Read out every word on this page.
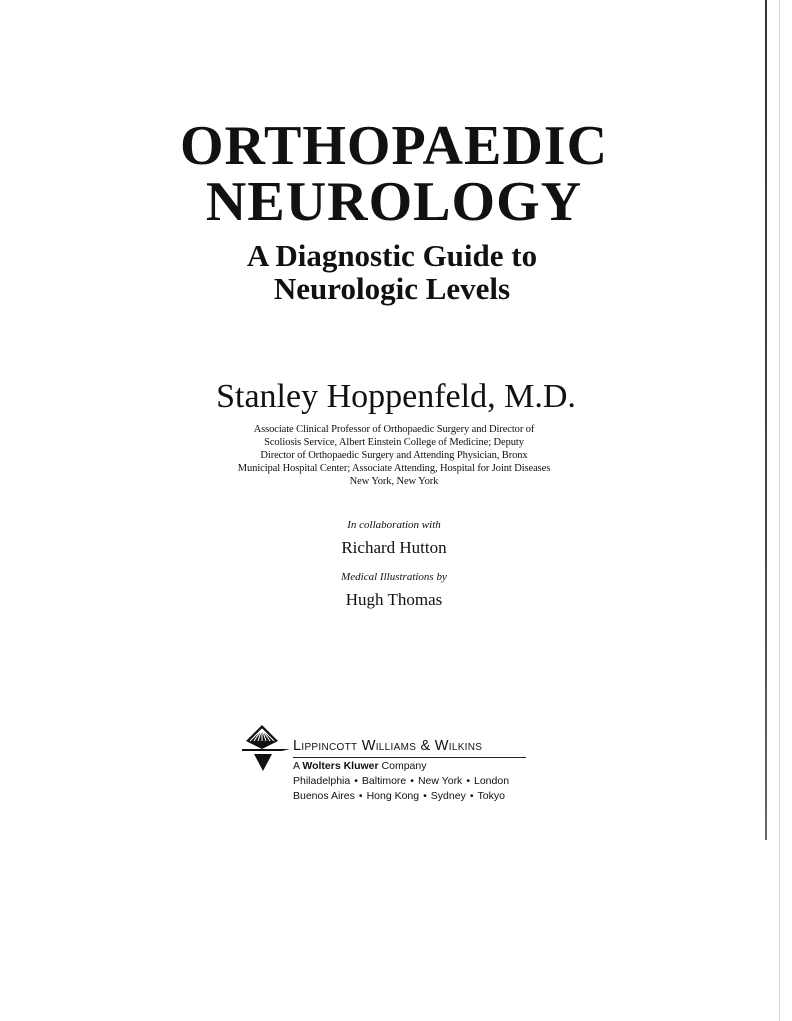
ORTHOPAEDIC
NEUROLOGY
A Diagnostic Guide to
Neurologic Levels
Stanley Hoppenfeld, M.D.
Associate Clinical Professor of Orthopaedic Surgery and Director of
Scoliosis Service, Albert Einstein College of Medicine; Deputy
Director of Orthopaedic Surgery and Attending Physician, Bronx
Municipal Hospital Center; Associate Attending, Hospital for Joint Diseases
New York, New York
In collaboration with
Richard Hutton
Medical Illustrations by
Hugh Thomas
Lippincott Williams & Wilkins
A Wolters Kluwer Company
Philadelphia • Baltimore • New York • London
Buenos Aires • Hong Kong • Sydney • Tokyo
